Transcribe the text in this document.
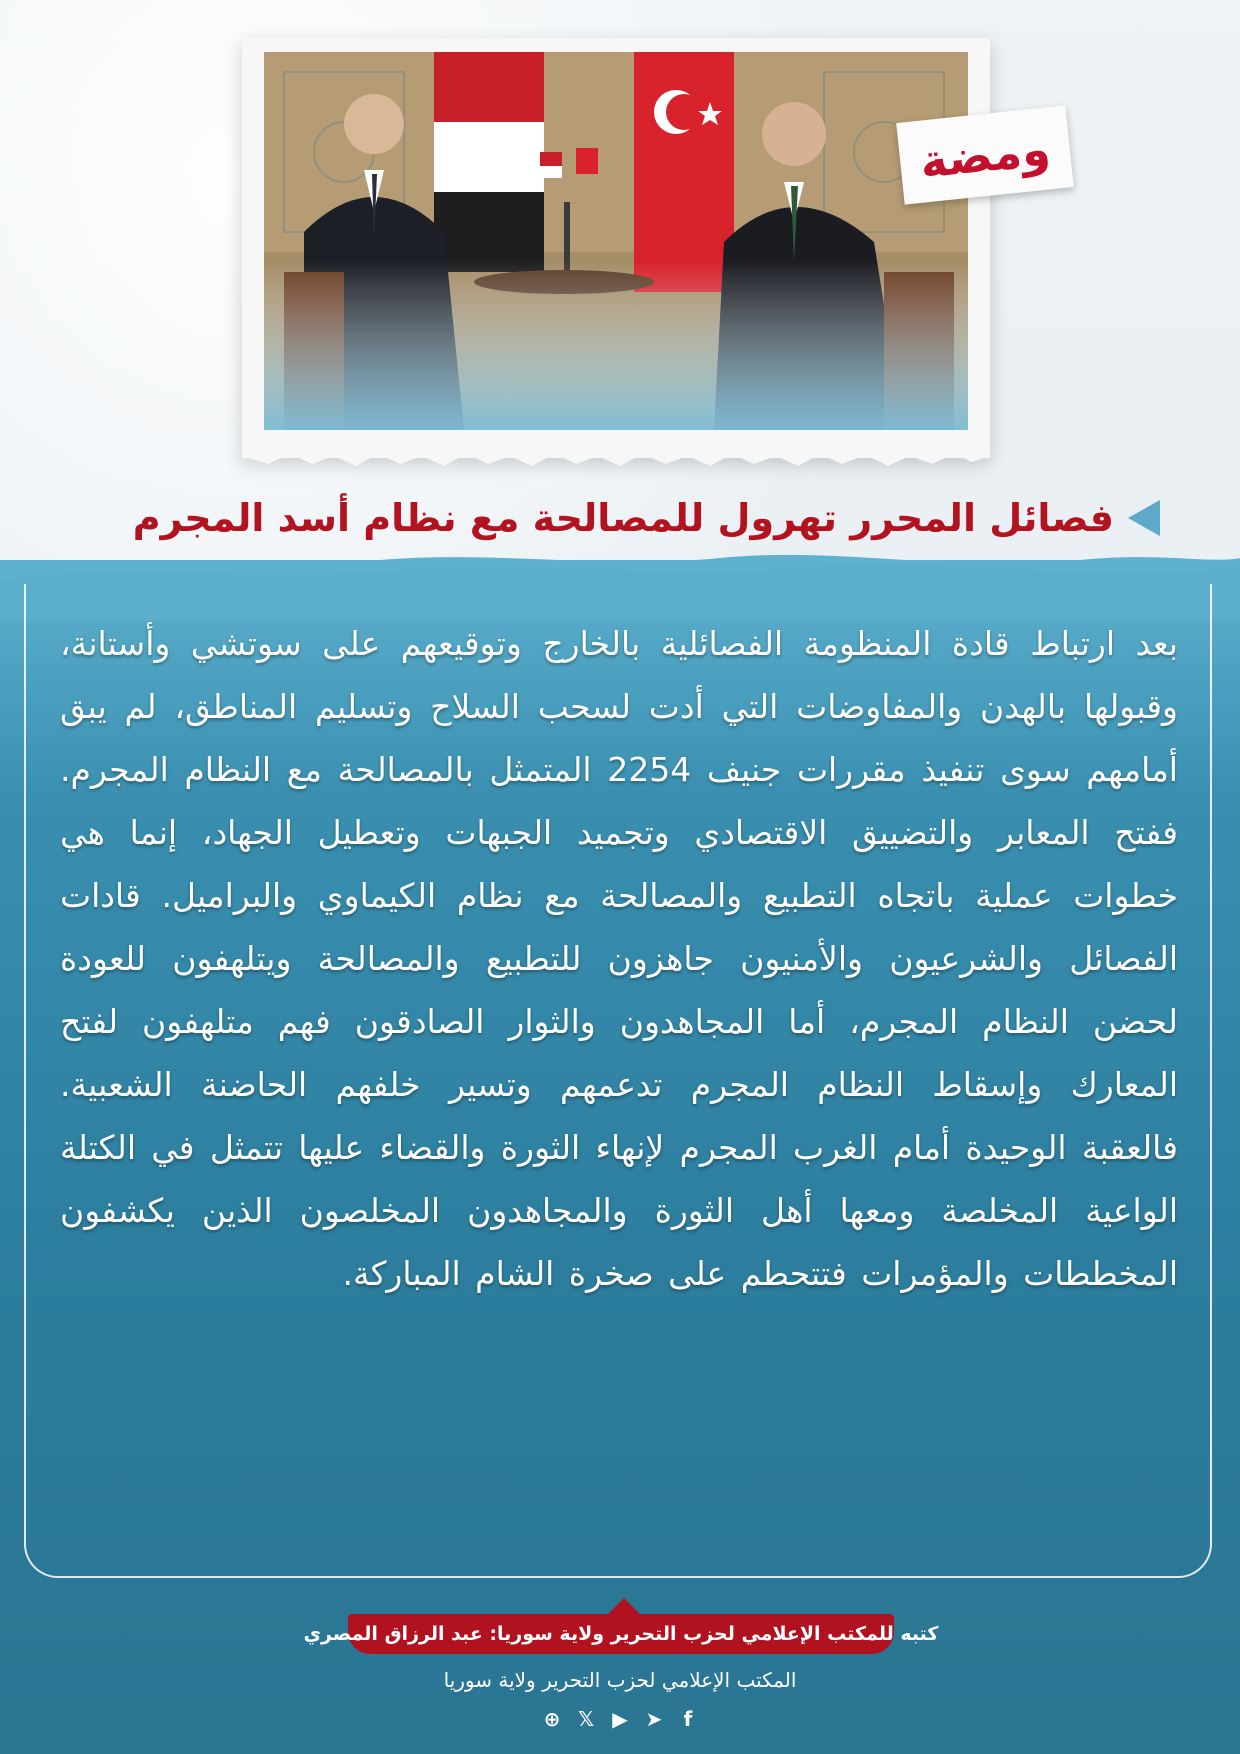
ومضة
فصائل المحرر تهرول للمصالحة مع نظام أسد المجرم
بعد ارتباط قادة المنظومة الفصائلية بالخارج وتوقيعهم على سوتشي وأستانة، وقبولها بالهدن والمفاوضات التي أدت لسحب السلاح وتسليم المناطق، لم يبق أمامهم سوى تنفيذ مقررات جنيف 2254 المتمثل بالمصالحة مع النظام المجرم. ففتح المعابر والتضييق الاقتصادي وتجميد الجبهات وتعطيل الجهاد، إنما هي خطوات عملية باتجاه التطبيع والمصالحة مع نظام الكيماوي والبراميل. قادات الفصائل والشرعيون والأمنيون جاهزون للتطبيع والمصالحة ويتلهفون للعودة لحضن النظام المجرم، أما المجاهدون والثوار الصادقون فهم متلهفون لفتح المعارك وإسقاط النظام المجرم تدعمهم وتسير خلفهم الحاضنة الشعبية. فالعقبة الوحيدة أمام الغرب المجرم لإنهاء الثورة والقضاء عليها تتمثل في الكتلة الواعية المخلصة ومعها أهل الثورة والمجاهدون المخلصون الذين يكشفون المخططات والمؤمرات فتتحطم على صخرة الشام المباركة.
كتبه للمكتب الإعلامي لحزب التحرير ولاية سوريا: عبد الرزاق المصري
المكتب الإعلامي لحزب التحرير ولاية سوريا
⊕ 𝕏 ▶ ➤	f
